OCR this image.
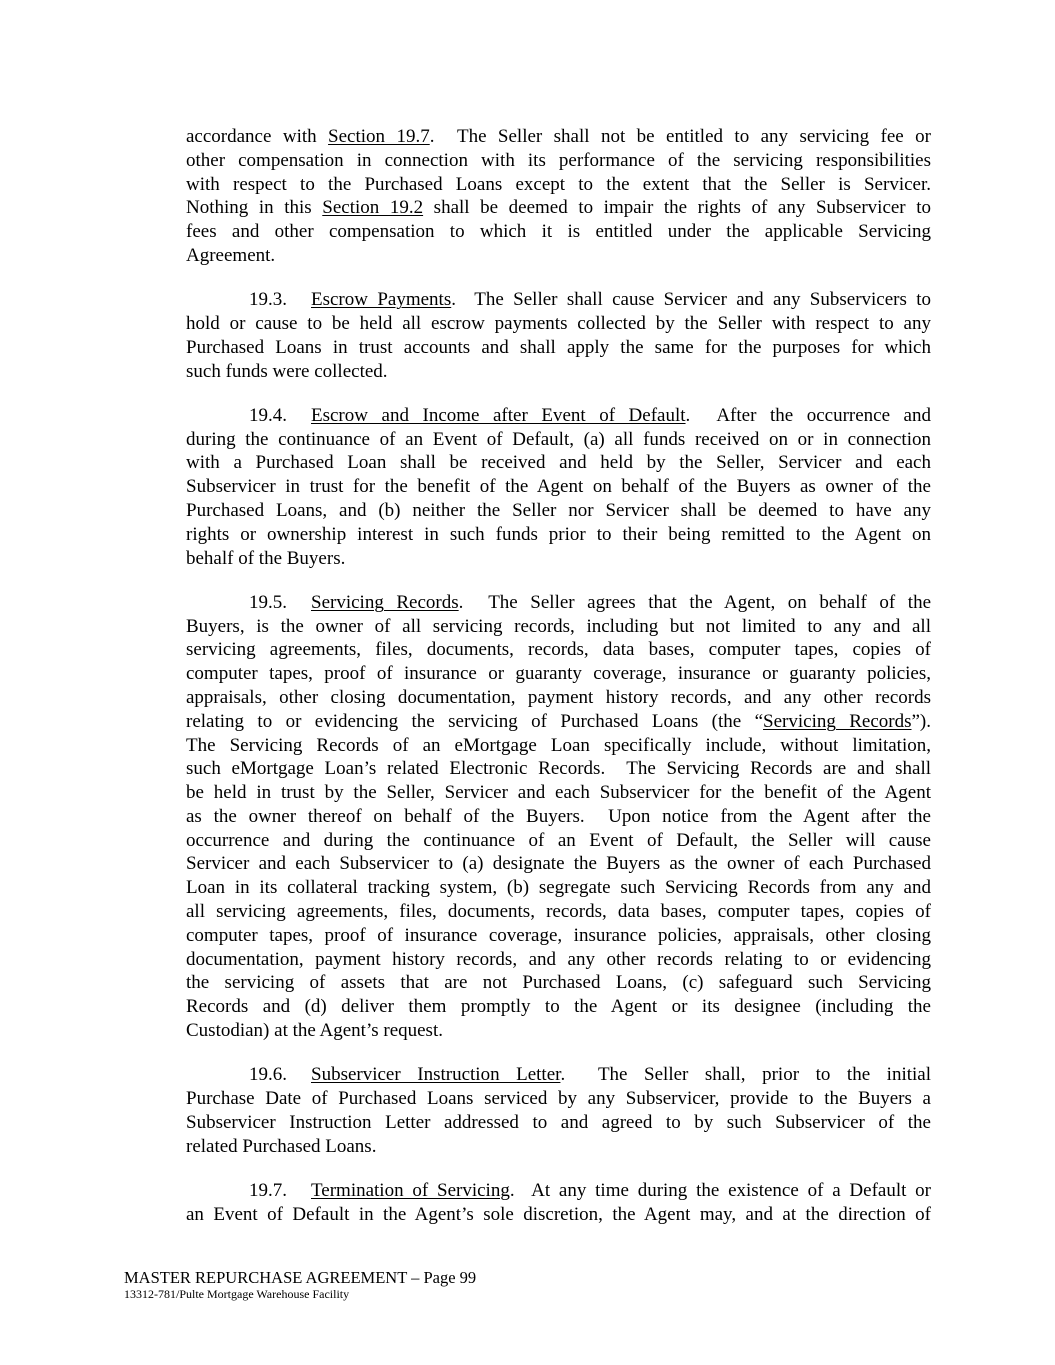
accordance with Section 19.7.  The Seller shall not be entitled to any servicing fee or
other compensation in connection with its performance of the servicing responsibilities
with respect to the Purchased Loans except to the extent that the Seller is Servicer.
Nothing in this Section 19.2 shall be deemed to impair the rights of any Subservicer to
fees and other compensation to which it is entitled under the applicable Servicing
Agreement.
19.3. Escrow Payments.  The Seller shall cause Servicer and any Subservicers to
hold or cause to be held all escrow payments collected by the Seller with respect to any
Purchased Loans in trust accounts and shall apply the same for the purposes for which
such funds were collected.
19.4. Escrow and Income after Event of Default.  After the occurrence and
during the continuance of an Event of Default, (a) all funds received on or in connection
with a Purchased Loan shall be received and held by the Seller, Servicer and each
Subservicer in trust for the benefit of the Agent on behalf of the Buyers as owner of the
Purchased Loans, and (b) neither the Seller nor Servicer shall be deemed to have any
rights or ownership interest in such funds prior to their being remitted to the Agent on
behalf of the Buyers.
19.5. Servicing Records.  The Seller agrees that the Agent, on behalf of the
Buyers, is the owner of all servicing records, including but not limited to any and all
servicing agreements, files, documents, records, data bases, computer tapes, copies of
computer tapes, proof of insurance or guaranty coverage, insurance or guaranty policies,
appraisals, other closing documentation, payment history records, and any other records
relating to or evidencing the servicing of Purchased Loans (the “Servicing Records”).
The Servicing Records of an eMortgage Loan specifically include, without limitation,
such eMortgage Loan’s related Electronic Records.  The Servicing Records are and shall
be held in trust by the Seller, Servicer and each Subservicer for the benefit of the Agent
as the owner thereof on behalf of the Buyers.  Upon notice from the Agent after the
occurrence and during the continuance of an Event of Default, the Seller will cause
Servicer and each Subservicer to (a) designate the Buyers as the owner of each Purchased
Loan in its collateral tracking system, (b) segregate such Servicing Records from any and
all servicing agreements, files, documents, records, data bases, computer tapes, copies of
computer tapes, proof of insurance coverage, insurance policies, appraisals, other closing
documentation, payment history records, and any other records relating to or evidencing
the servicing of assets that are not Purchased Loans, (c) safeguard such Servicing
Records and (d) deliver them promptly to the Agent or its designee (including the
Custodian) at the Agent’s request.
19.6. Subservicer Instruction Letter.  The Seller shall, prior to the initial
Purchase Date of Purchased Loans serviced by any Subservicer, provide to the Buyers a
Subservicer Instruction Letter addressed to and agreed to by such Subservicer of the
related Purchased Loans.
19.7. Termination of Servicing.  At any time during the existence of a Default or
an Event of Default in the Agent’s sole discretion, the Agent may, and at the direction of
MASTER REPURCHASE AGREEMENT – Page 99
13312-781/Pulte Mortgage Warehouse Facility
